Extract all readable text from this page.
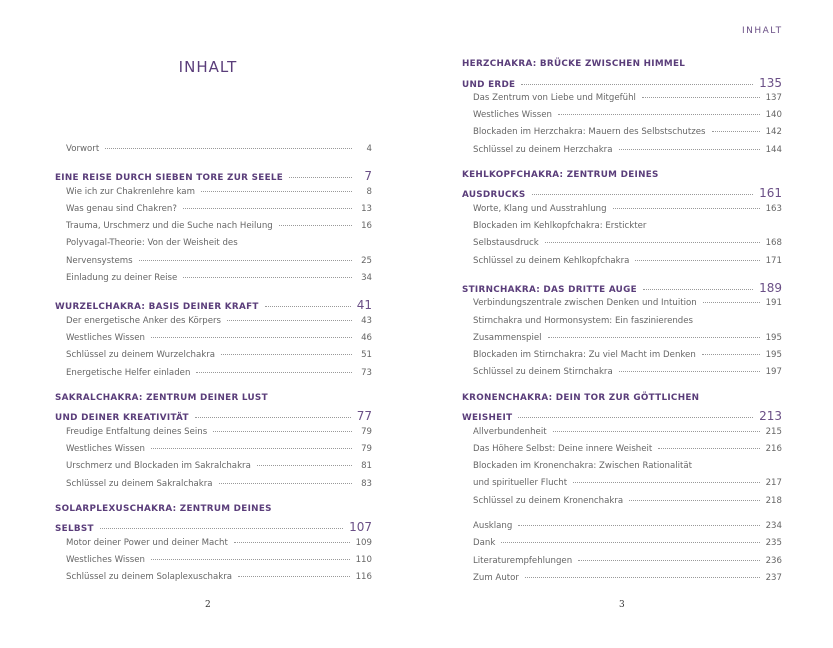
INHALT
Vorwort	4
EINE REISE DURCH SIEBEN TORE ZUR SEELE	7
Wie ich zur Chakrenlehre kam	8
Was genau sind Chakren?	13
Trauma, Urschmerz und die Suche nach Heilung	16
Polyvagal-Theorie: Von der Weisheit des
Nervensystems	25
Einladung zu deiner Reise	34
WURZELCHAKRA: BASIS DEINER KRAFT	41
Der energetische Anker des Körpers	43
Westliches Wissen	46
Schlüssel zu deinem Wurzelchakra	51
Energetische Helfer einladen	73
SAKRALCHAKRA: ZENTRUM DEINER LUST
UND DEINER KREATIVITÄT	77
Freudige Entfaltung deines Seins	79
Westliches Wissen	79
Urschmerz und Blockaden im Sakralchakra	81
Schlüssel zu deinem Sakralchakra	83
SOLARPLEXUSCHAKRA: ZENTRUM DEINES
SELBST	107
Motor deiner Power und deiner Macht	109
Westliches Wissen	110
Schlüssel zu deinem Solaplexuschakra	116
2
INHALT
HERZCHAKRA: BRÜCKE ZWISCHEN HIMMEL
UND ERDE	135
Das Zentrum von Liebe und Mitgefühl	137
Westliches Wissen	140
Blockaden im Herzchakra: Mauern des Selbstschutzes	142
Schlüssel zu deinem Herzchakra	144
KEHLKOPFCHAKRA: ZENTRUM DEINES
AUSDRUCKS	161
Worte, Klang und Ausstrahlung	163
Blockaden im Kehlkopfchakra: Erstickter
Selbstausdruck	168
Schlüssel zu deinem Kehlkopfchakra	171
STIRNCHAKRA: DAS DRITTE AUGE	189
Verbindungszentrale zwischen Denken und Intuition	191
Stirnchakra und Hormonsystem: Ein faszinierendes
Zusammenspiel	195
Blockaden im Stirnchakra: Zu viel Macht im Denken	195
Schlüssel zu deinem Stirnchakra	197
KRONENCHAKRA: DEIN TOR ZUR GÖTTLICHEN
WEISHEIT	213
Allverbundenheit	215
Das Höhere Selbst: Deine innere Weisheit	216
Blockaden im Kronenchakra: Zwischen Rationalität
und spiritueller Flucht	217
Schlüssel zu deinem Kronenchakra	218
Ausklang	234
Dank	235
Literaturempfehlungen	236
Zum Autor	237
3
